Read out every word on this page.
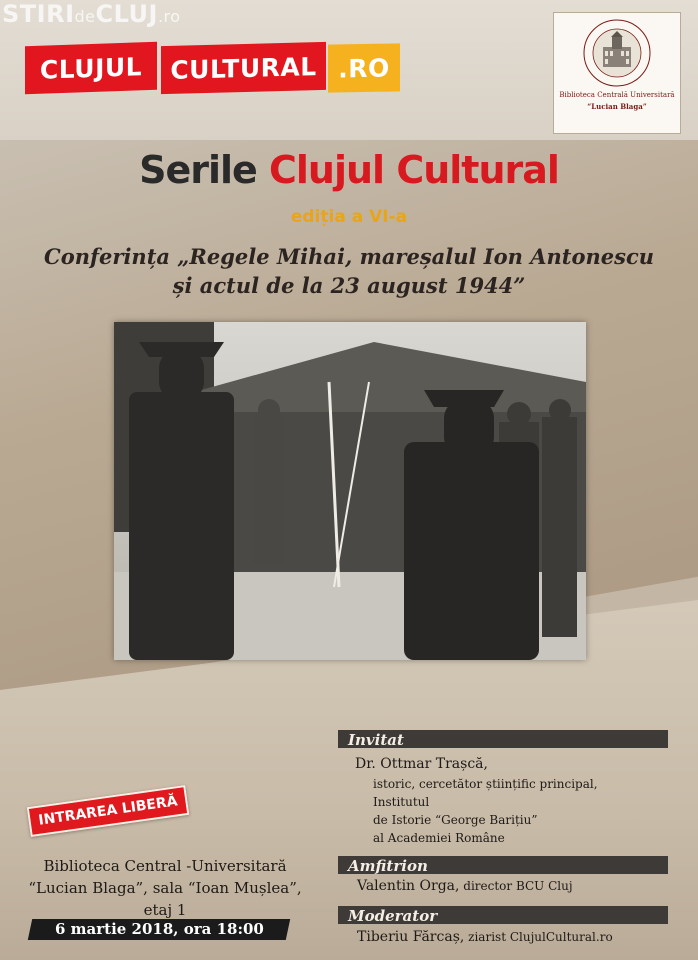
STIRIdeCLUJ.ro
CLUJUL	CULTURAL .RO
Biblioteca Centrală Universitară
“Lucian Blaga”
Serile Clujul Cultural
ediția a VI-a
Conferința „Regele Mihai, mareșalul Ion Antonescu
și actul de la 23 august 1944”
Invitat
Dr. Ottmar Trașcă,
istoric, cercetător științific principal,
Institutul
de Istorie “George Barițiu”
al Academiei Române
INTRAREA LIBERĂ
Biblioteca Central -Universitară
“Lucian Blaga”, sala “Ioan Mușlea”,
etaj 1
6 martie 2018, ora 18:00
Amfitrion
Valentin Orga, director BCU Cluj
Moderator
Tiberiu Fărcaș, ziarist ClujulCultural.ro
